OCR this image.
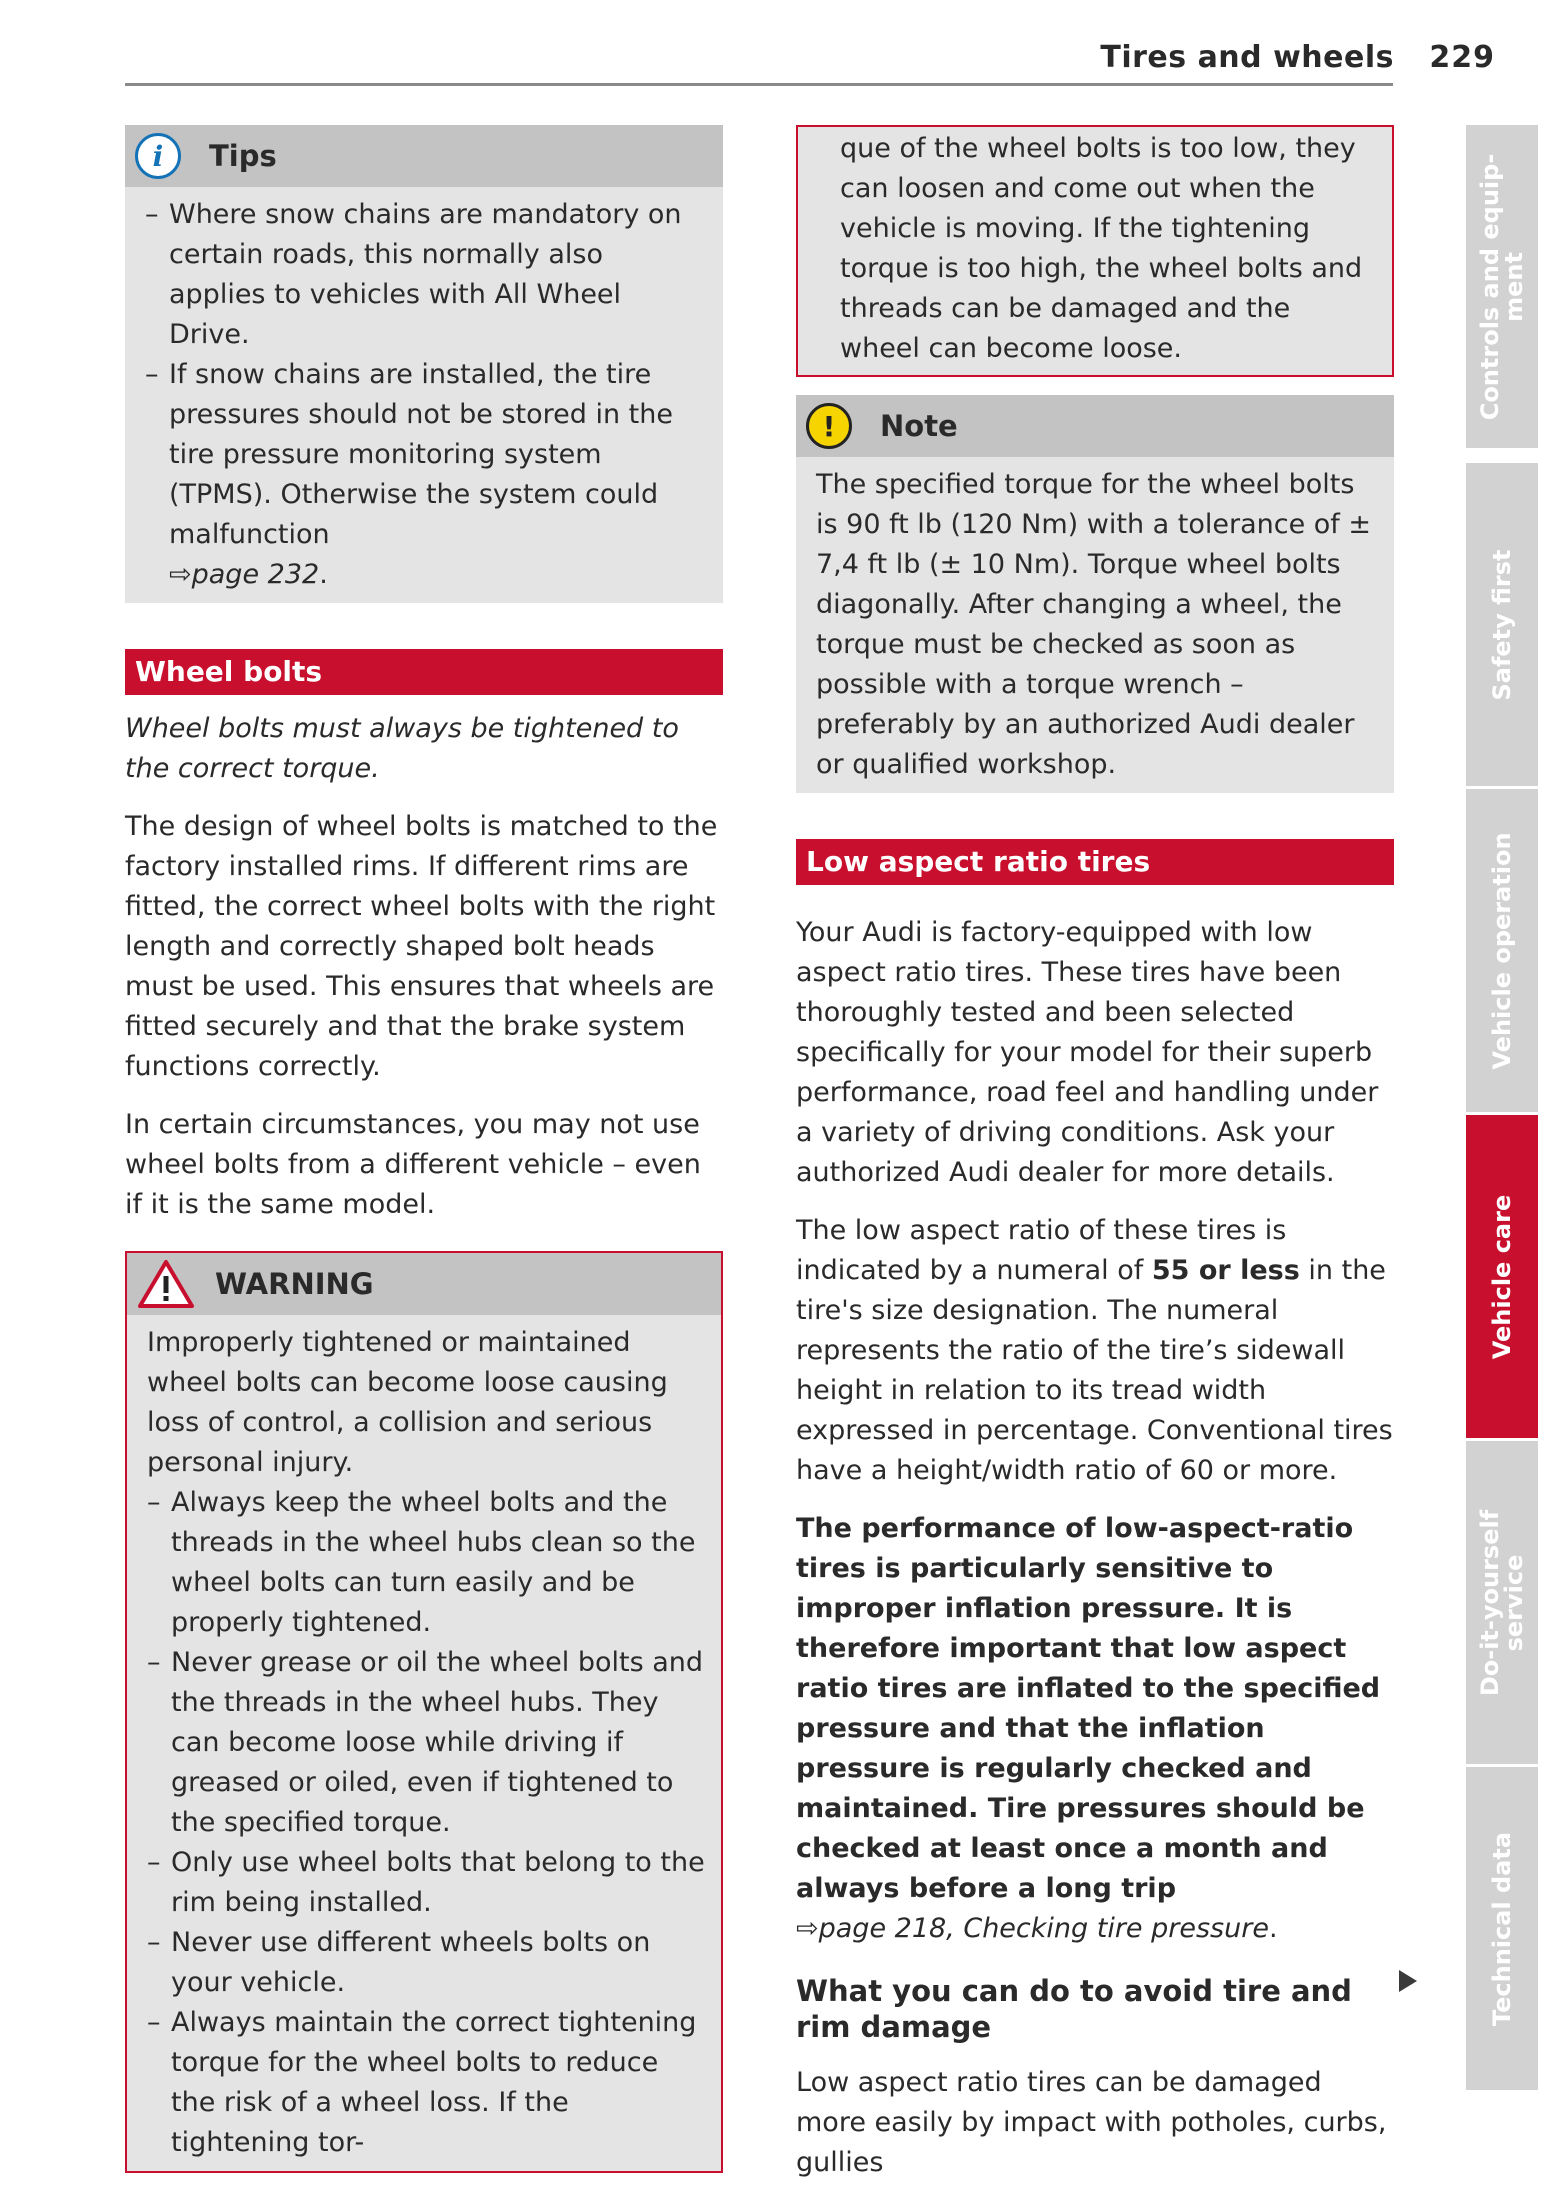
Tires and wheels 229
i	Tips
– Where snow chains are mandatory on certain roads, this normally also applies to vehicles with All Wheel Drive.
– If snow chains are installed, the tire pressures should not be stored in the tire pressure monitoring system (TPMS). Otherwise the system could malfunction
⇨page 232.
Wheel bolts

Wheel bolts must always be tightened to the correct torque.

The design of wheel bolts is matched to the factory installed rims. If different rims are fitted, the correct wheel bolts with the right length and correctly shaped bolt heads must be used. This ensures that wheels are fitted securely and that the brake system functions correctly.

In certain circumstances, you may not use wheel bolts from a different vehicle – even if it is the same model.

WARNING
Improperly tightened or maintained wheel bolts can become loose causing loss of control, a collision and serious personal injury.
– Always keep the wheel bolts and the threads in the wheel hubs clean so the wheel bolts can turn easily and be properly tightened.
– Never grease or oil the wheel bolts and the threads in the wheel hubs. They can become loose while driving if greased or oiled, even if tightened to the specified torque.
– Only use wheel bolts that belong to the rim being installed.
– Never use different wheels bolts on your vehicle.
– Always maintain the correct tightening torque for the wheel bolts to reduce the risk of a wheel loss. If the tightening tor-
que of the wheel bolts is too low, they can loosen and come out when the vehicle is moving. If the tightening torque is too high, the wheel bolts and threads can be damaged and the wheel can become loose.
!	Note
The specified torque for the wheel bolts is 90 ft lb (120 Nm) with a tolerance of ± 7,4 ft lb (± 10 Nm). Torque wheel bolts diagonally. After changing a wheel, the torque must be checked as soon as possible with a torque wrench – preferably by an authorized Audi dealer or qualified workshop.
Low aspect ratio tires

Your Audi is factory-equipped with low aspect ratio tires. These tires have been thoroughly tested and been selected specifically for your model for their superb performance, road feel and handling under a variety of driving conditions. Ask your authorized Audi dealer for more details.

The low aspect ratio of these tires is indicated by a numeral of 55 or less in the tire's size designation. The numeral represents the ratio of the tire’s sidewall height in relation to its tread width expressed in percentage. Conventional tires have a height/width ratio of 60 or more.

The performance of low-aspect-ratio tires is particularly sensitive to improper inflation pressure. It is therefore important that low aspect ratio tires are inflated to the specified pressure and that the inflation pressure is regularly checked and maintained. Tire pressures should be checked at least once a month and always before a long trip
⇨page 218, Checking tire pressure.

What you can do to avoid tire and rim damage

Low aspect ratio tires can be damaged more easily by impact with potholes, curbs, gullies

Controls and equip-
ment
Safety first
Vehicle operation
Vehicle care
Do-it-yourself
service
Technical data
